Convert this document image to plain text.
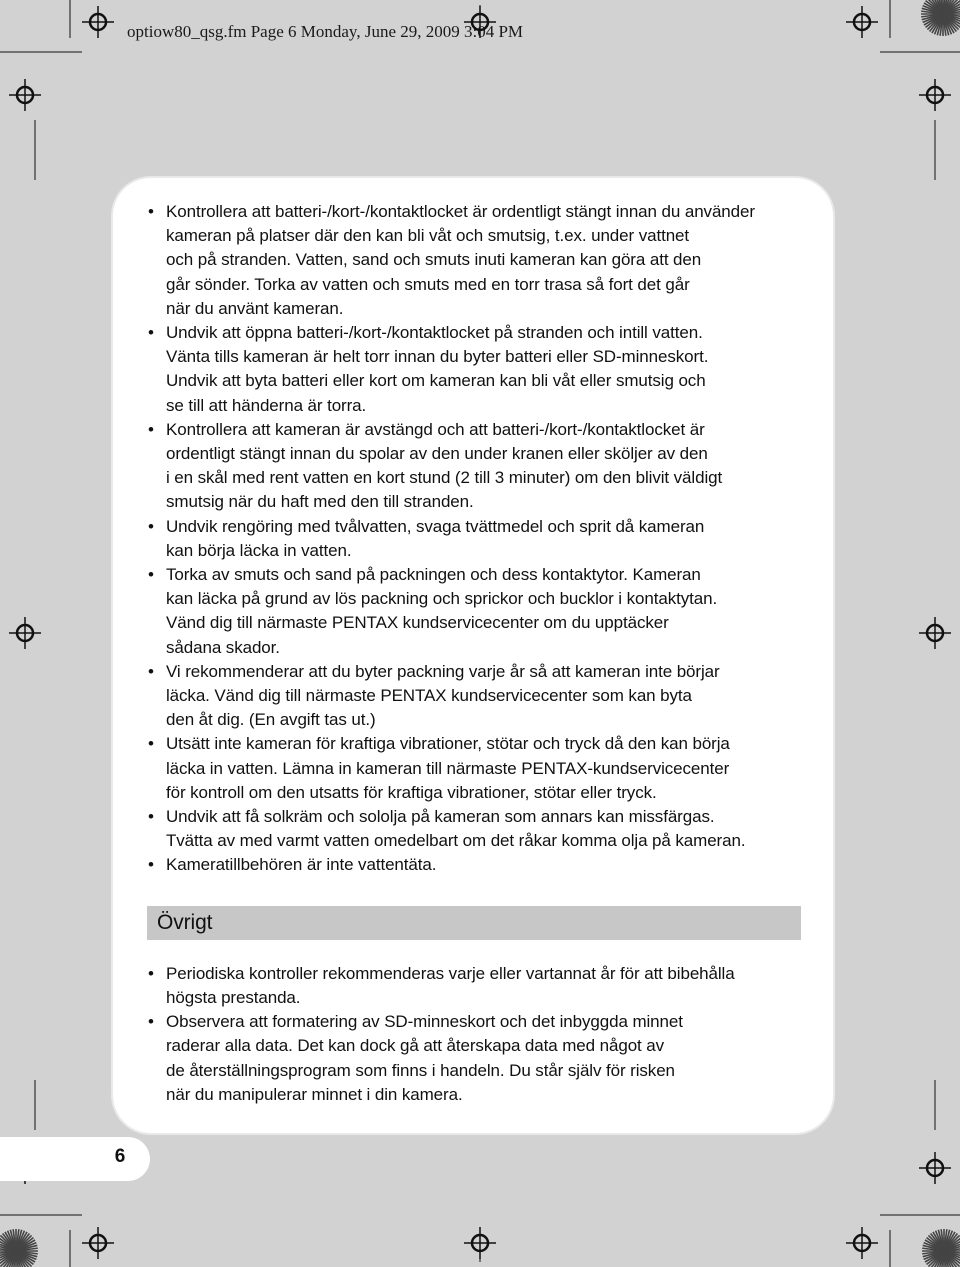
optiow80_qsg.fm Page 6 Monday, June 29, 2009 3:04 PM
• Kontrollera att batteri-/kort-/kontaktlocket är ordentligt stängt innan du använder
kameran på platser där den kan bli våt och smutsig, t.ex. under vattnet
och på stranden. Vatten, sand och smuts inuti kameran kan göra att den
går sönder. Torka av vatten och smuts med en torr trasa så fort det går
när du använt kameran.
• Undvik att öppna batteri-/kort-/kontaktlocket på stranden och intill vatten.
Vänta tills kameran är helt torr innan du byter batteri eller SD-minneskort.
Undvik att byta batteri eller kort om kameran kan bli våt eller smutsig och
se till att händerna är torra.
• Kontrollera att kameran är avstängd och att batteri-/kort-/kontaktlocket är
ordentligt stängt innan du spolar av den under kranen eller sköljer av den
i en skål med rent vatten en kort stund (2 till 3 minuter) om den blivit väldigt
smutsig när du haft med den till stranden.
• Undvik rengöring med tvålvatten, svaga tvättmedel och sprit då kameran
kan börja läcka in vatten.
• Torka av smuts och sand på packningen och dess kontaktytor. Kameran
kan läcka på grund av lös packning och sprickor och bucklor i kontaktytan.
Vänd dig till närmaste PENTAX kundservicecenter om du upptäcker
sådana skador.
• Vi rekommenderar att du byter packning varje år så att kameran inte börjar
läcka. Vänd dig till närmaste PENTAX kundservicecenter som kan byta
den åt dig. (En avgift tas ut.)
• Utsätt inte kameran för kraftiga vibrationer, stötar och tryck då den kan börja
läcka in vatten. Lämna in kameran till närmaste PENTAX-kundservicecenter
för kontroll om den utsatts för kraftiga vibrationer, stötar eller tryck.
• Undvik att få solkräm och sololja på kameran som annars kan missfärgas.
Tvätta av med varmt vatten omedelbart om det råkar komma olja på kameran.
• Kameratillbehören är inte vattentäta.
Övrigt
• Periodiska kontroller rekommenderas varje eller vartannat år för att bibehålla
högsta prestanda.
• Observera att formatering av SD-minneskort och det inbyggda minnet
raderar alla data. Det kan dock gå att återskapa data med något av
de återställningsprogram som finns i handeln. Du står själv för risken
när du manipulerar minnet i din kamera.
6
